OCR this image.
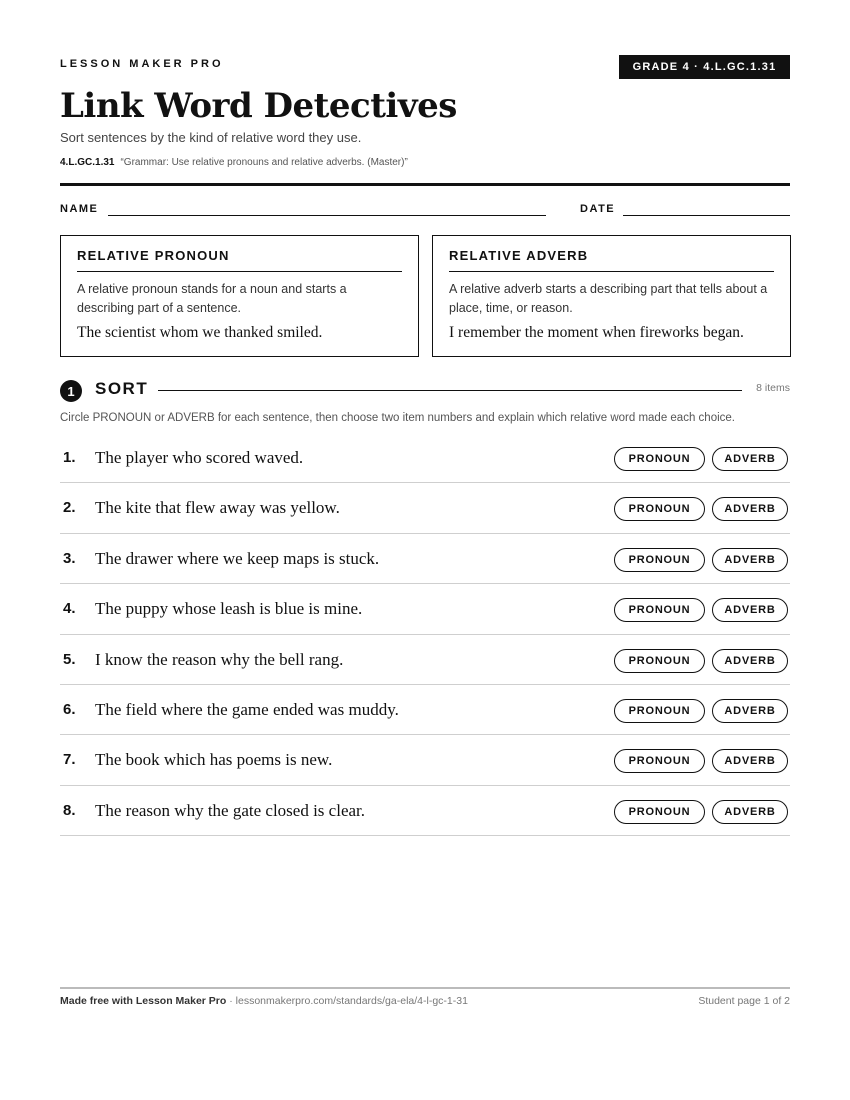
LESSON MAKER PRO	GRADE 4 · 4.L.GC.1.31
Link Word Detectives
Sort sentences by the kind of relative word they use.
4.L.GC.1.31 “Grammar: Use relative pronouns and relative adverbs. (Master)”
NAME	DATE
RELATIVE PRONOUN
A relative pronoun stands for a noun and starts a describing part of a sentence.
The scientist whom we thanked smiled.
RELATIVE ADVERB
A relative adverb starts a describing part that tells about a place, time, or reason.
I remember the moment when fireworks began.
1	SORT	8 items
Circle PRONOUN or ADVERB for each sentence, then choose two item numbers and explain which relative word made each choice.
1. The player who scored waved.	PRONOUN	ADVERB
2. The kite that flew away was yellow.	PRONOUN	ADVERB
3. The drawer where we keep maps is stuck.	PRONOUN	ADVERB
4. The puppy whose leash is blue is mine.	PRONOUN	ADVERB
5. I know the reason why the bell rang.	PRONOUN	ADVERB
6. The field where the game ended was muddy.	PRONOUN	ADVERB
7. The book which has poems is new.	PRONOUN	ADVERB
8. The reason why the gate closed is clear.	PRONOUN	ADVERB
Made free with Lesson Maker Pro · lessonmakerpro.com/standards/ga-ela/4-l-gc-1-31	Student page 1 of 2
